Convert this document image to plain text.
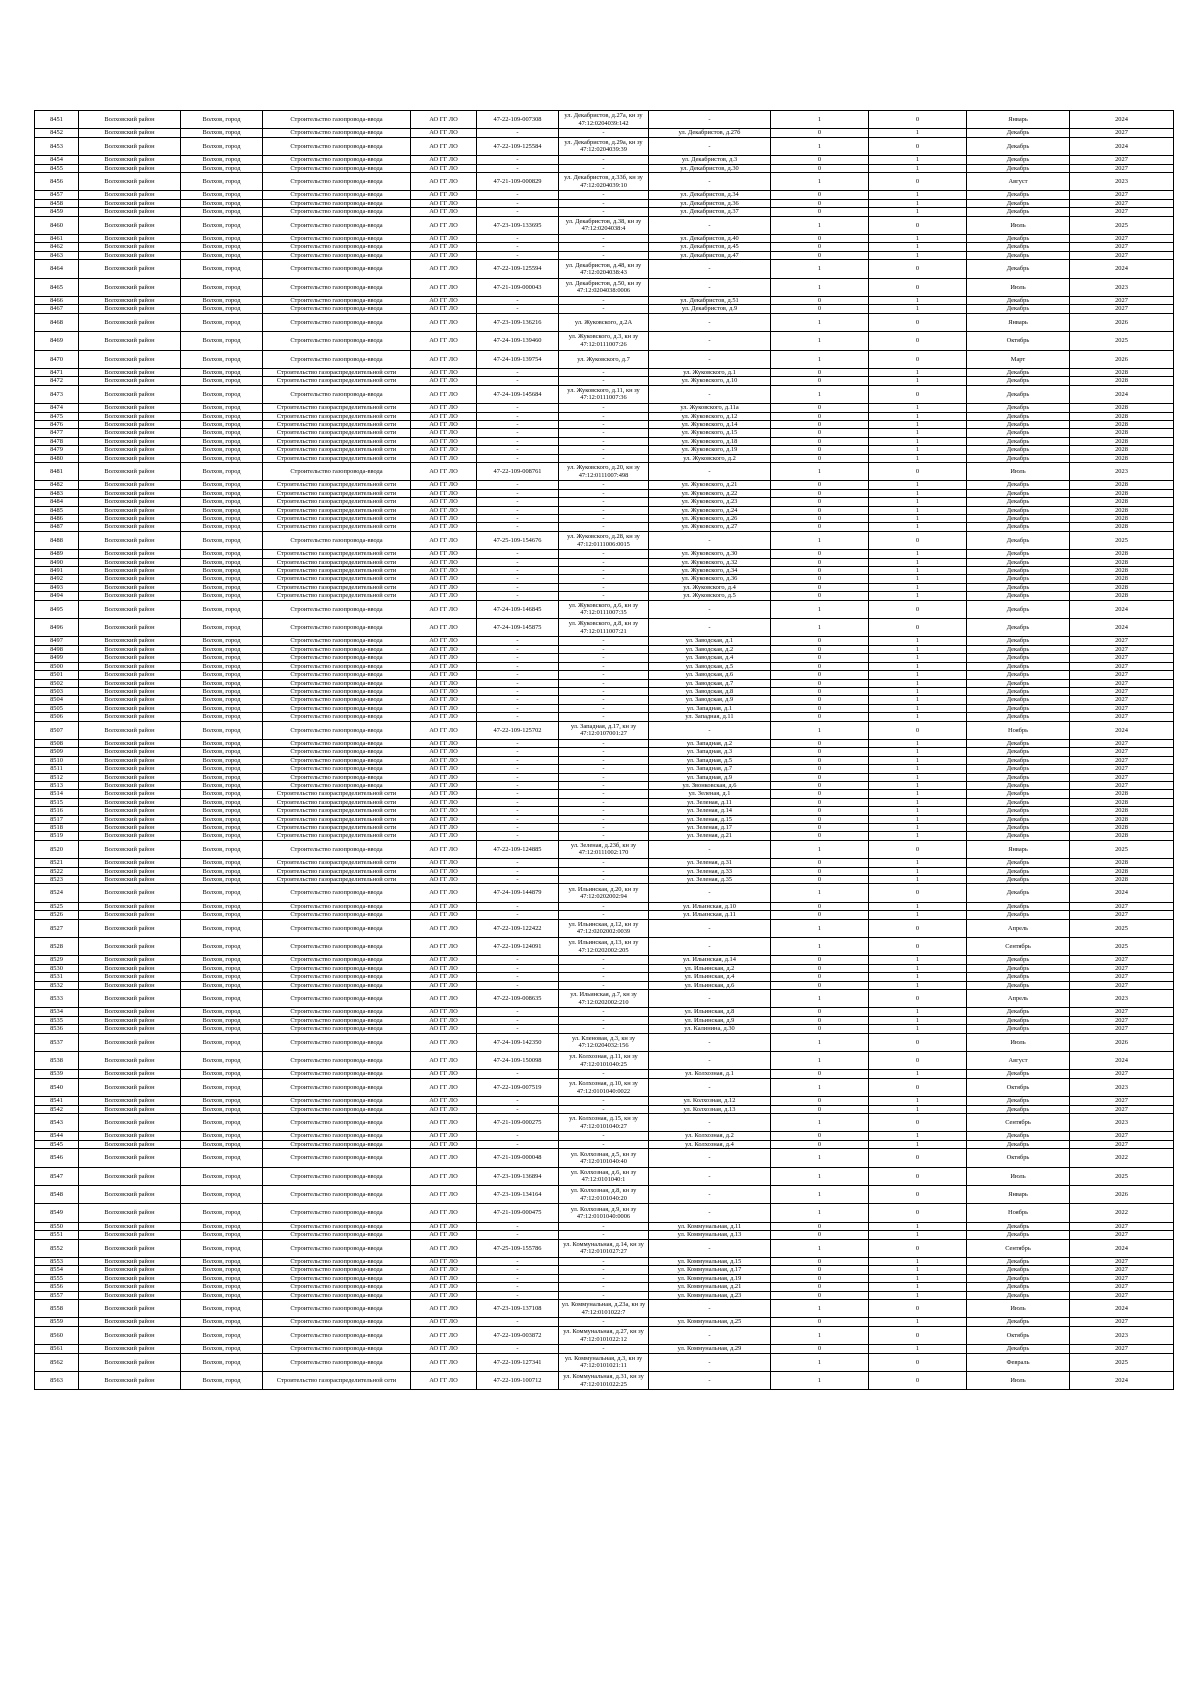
8451	Волховский район	Волхов, город	Строительство газопровода-ввода	АО ГГ ЛО	47-22-109-007308	ул. Декабристов, д.27а, кн зу 47:12:0204039:142	-	1	0	Январь	2024
8452	Волховский район	Волхов, город	Строительство газопровода-ввода	АО ГГ ЛО	-	-	ул. Декабристов, д.27б	0	1	Декабрь	2027
8453	Волховский район	Волхов, город	Строительство газопровода-ввода	АО ГГ ЛО	47-22-109-125584	ул. Декабристов, д.29а, кн зу 47:12:0204039:39	-	1	0	Декабрь	2024
8454	Волховский район	Волхов, город	Строительство газопровода-ввода	АО ГГ ЛО	-	-	ул. Декабристов, д.3	0	1	Декабрь	2027
8455	Волховский район	Волхов, город	Строительство газопровода-ввода	АО ГГ ЛО	-	-	ул. Декабристов, д.30	0	1	Декабрь	2027
8456	Волховский район	Волхов, город	Строительство газопровода-ввода	АО ГГ ЛО	47-21-109-000829	ул. Декабристов, д.33б, кн зу 47:12:0204039:10	-	1	0	Август	2023
8457	Волховский район	Волхов, город	Строительство газопровода-ввода	АО ГГ ЛО	-	-	ул. Декабристов, д.34	0	1	Декабрь	2027
8458	Волховский район	Волхов, город	Строительство газопровода-ввода	АО ГГ ЛО	-	-	ул. Декабристов, д.36	0	1	Декабрь	2027
8459	Волховский район	Волхов, город	Строительство газопровода-ввода	АО ГГ ЛО	-	-	ул. Декабристов, д.37	0	1	Декабрь	2027
8460	Волховский район	Волхов, город	Строительство газопровода-ввода	АО ГГ ЛО	47-23-109-133695	ул. Декабристов, д.38, кн зу 47:12:0204038:4	-	1	0	Июль	2025
8461	Волховский район	Волхов, город	Строительство газопровода-ввода	АО ГГ ЛО	-	-	ул. Декабристов, д.40	0	1	Декабрь	2027
8462	Волховский район	Волхов, город	Строительство газопровода-ввода	АО ГГ ЛО	-	-	ул. Декабристов, д.45	0	1	Декабрь	2027
8463	Волховский район	Волхов, город	Строительство газопровода-ввода	АО ГГ ЛО	-	-	ул. Декабристов, д.47	0	1	Декабрь	2027
8464	Волховский район	Волхов, город	Строительство газопровода-ввода	АО ГГ ЛО	47-22-109-125594	ул. Декабристов, д.48, кн зу 47:12:0204038:43	-	1	0	Декабрь	2024
8465	Волховский район	Волхов, город	Строительство газопровода-ввода	АО ГГ ЛО	47-21-109-000043	ул. Декабристов, д.50, кн зу 47:12:0204038:0006	-	1	0	Июль	2023
8466	Волховский район	Волхов, город	Строительство газопровода-ввода	АО ГГ ЛО	-	-	ул. Декабристов, д.51	0	1	Декабрь	2027
8467	Волховский район	Волхов, город	Строительство газопровода-ввода	АО ГГ ЛО	-	-	ул. Декабристов, д.9	0	1	Декабрь	2027
8468	Волховский район	Волхов, город	Строительство газопровода-ввода	АО ГГ ЛО	47-23-109-136216	ул. Жуковского, д.2А	-	1	0	Январь	2026
8469	Волховский район	Волхов, город	Строительство газопровода-ввода	АО ГГ ЛО	47-24-109-139460	ул. Жуковского, д.3, кн зу 47:12:0111007:26	-	1	0	Октябрь	2025
8470	Волховский район	Волхов, город	Строительство газопровода-ввода	АО ГГ ЛО	47-24-109-139754	ул. Жуковского, д.7	-	1	0	Март	2026
8471	Волховский район	Волхов, город	Строительство газораспределительной сети	АО ГГ ЛО	-	-	ул. Жуковского, д.1	0	1	Декабрь	2028
8472	Волховский район	Волхов, город	Строительство газораспределительной сети	АО ГГ ЛО	-	-	ул. Жуковского, д.10	0	1	Декабрь	2028
8473	Волховский район	Волхов, город	Строительство газопровода-ввода	АО ГГ ЛО	47-24-109-145684	ул. Жуковского, д.11, кн зу 47:12:0111007:36	-	1	0	Декабрь	2024
8474	Волховский район	Волхов, город	Строительство газораспределительной сети	АО ГГ ЛО	-	-	ул. Жуковского, д.11а	0	1	Декабрь	2028
8475	Волховский район	Волхов, город	Строительство газораспределительной сети	АО ГГ ЛО	-	-	ул. Жуковского, д.12	0	1	Декабрь	2028
8476	Волховский район	Волхов, город	Строительство газораспределительной сети	АО ГГ ЛО	-	-	ул. Жуковского, д.14	0	1	Декабрь	2028
8477	Волховский район	Волхов, город	Строительство газораспределительной сети	АО ГГ ЛО	-	-	ул. Жуковского, д.15	0	1	Декабрь	2028
8478	Волховский район	Волхов, город	Строительство газораспределительной сети	АО ГГ ЛО	-	-	ул. Жуковского, д.18	0	1	Декабрь	2028
8479	Волховский район	Волхов, город	Строительство газораспределительной сети	АО ГГ ЛО	-	-	ул. Жуковского, д.19	0	1	Декабрь	2028
8480	Волховский район	Волхов, город	Строительство газораспределительной сети	АО ГГ ЛО	-	-	ул. Жуковского, д.2	0	1	Декабрь	2028
8481	Волховский район	Волхов, город	Строительство газопровода-ввода	АО ГГ ЛО	47-22-109-008761	ул. Жуковского, д.20, кн зу 47:12:0111007:498	-	1	0	Июль	2023
8482	Волховский район	Волхов, город	Строительство газораспределительной сети	АО ГГ ЛО	-	-	ул. Жуковского, д.21	0	1	Декабрь	2028
8483	Волховский район	Волхов, город	Строительство газораспределительной сети	АО ГГ ЛО	-	-	ул. Жуковского, д.22	0	1	Декабрь	2028
8484	Волховский район	Волхов, город	Строительство газораспределительной сети	АО ГГ ЛО	-	-	ул. Жуковского, д.23	0	1	Декабрь	2028
8485	Волховский район	Волхов, город	Строительство газораспределительной сети	АО ГГ ЛО	-	-	ул. Жуковского, д.24	0	1	Декабрь	2028
8486	Волховский район	Волхов, город	Строительство газораспределительной сети	АО ГГ ЛО	-	-	ул. Жуковского, д.26	0	1	Декабрь	2028
8487	Волховский район	Волхов, город	Строительство газораспределительной сети	АО ГГ ЛО	-	-	ул. Жуковского, д.27	0	1	Декабрь	2028
8488	Волховский район	Волхов, город	Строительство газопровода-ввода	АО ГГ ЛО	47-25-109-154676	ул. Жуковского, д.28, кн зу 47:12:0111006:0015	-	1	0	Декабрь	2025
8489	Волховский район	Волхов, город	Строительство газораспределительной сети	АО ГГ ЛО	-	-	ул. Жуковского, д.30	0	1	Декабрь	2028
8490	Волховский район	Волхов, город	Строительство газораспределительной сети	АО ГГ ЛО	-	-	ул. Жуковского, д.32	0	1	Декабрь	2028
8491	Волховский район	Волхов, город	Строительство газораспределительной сети	АО ГГ ЛО	-	-	ул. Жуковского, д.34	0	1	Декабрь	2028
8492	Волховский район	Волхов, город	Строительство газораспределительной сети	АО ГГ ЛО	-	-	ул. Жуковского, д.36	0	1	Декабрь	2028
8493	Волховский район	Волхов, город	Строительство газораспределительной сети	АО ГГ ЛО	-	-	ул. Жуковского, д.4	0	1	Декабрь	2028
8494	Волховский район	Волхов, город	Строительство газораспределительной сети	АО ГГ ЛО	-	-	ул. Жуковского, д.5	0	1	Декабрь	2028
8495	Волховский район	Волхов, город	Строительство газопровода-ввода	АО ГГ ЛО	47-24-109-146845	ул. Жуковского, д.6, кн зу 47:12:0111007:35	-	1	0	Декабрь	2024
8496	Волховский район	Волхов, город	Строительство газопровода-ввода	АО ГГ ЛО	47-24-109-145875	ул. Жуковского, д.8, кн зу 47:12:0111007:21	-	1	0	Декабрь	2024
8497	Волховский район	Волхов, город	Строительство газопровода-ввода	АО ГГ ЛО	-	-	ул. Заводская, д.1	0	1	Декабрь	2027
8498	Волховский район	Волхов, город	Строительство газопровода-ввода	АО ГГ ЛО	-	-	ул. Заводская, д.2	0	1	Декабрь	2027
8499	Волховский район	Волхов, город	Строительство газопровода-ввода	АО ГГ ЛО	-	-	ул. Заводская, д.4	0	1	Декабрь	2027
8500	Волховский район	Волхов, город	Строительство газопровода-ввода	АО ГГ ЛО	-	-	ул. Заводская, д.5	0	1	Декабрь	2027
8501	Волховский район	Волхов, город	Строительство газопровода-ввода	АО ГГ ЛО	-	-	ул. Заводская, д.6	0	1	Декабрь	2027
8502	Волховский район	Волхов, город	Строительство газопровода-ввода	АО ГГ ЛО	-	-	ул. Заводская, д.7	0	1	Декабрь	2027
8503	Волховский район	Волхов, город	Строительство газопровода-ввода	АО ГГ ЛО	-	-	ул. Заводская, д.8	0	1	Декабрь	2027
8504	Волховский район	Волхов, город	Строительство газопровода-ввода	АО ГГ ЛО	-	-	ул. Заводская, д.9	0	1	Декабрь	2027
8505	Волховский район	Волхов, город	Строительство газопровода-ввода	АО ГГ ЛО	-	-	ул. Западная, д.1	0	1	Декабрь	2027
8506	Волховский район	Волхов, город	Строительство газопровода-ввода	АО ГГ ЛО	-	-	ул. Западная, д.11	0	1	Декабрь	2027
8507	Волховский район	Волхов, город	Строительство газопровода-ввода	АО ГГ ЛО	47-22-109-125702	ул. Западная, д.17, кн зу 47:12:0107001:27	-	1	0	Ноябрь	2024
8508	Волховский район	Волхов, город	Строительство газопровода-ввода	АО ГГ ЛО	-	-	ул. Западная, д.2	0	1	Декабрь	2027
8509	Волховский район	Волхов, город	Строительство газопровода-ввода	АО ГГ ЛО	-	-	ул. Западная, д.3	0	1	Декабрь	2027
8510	Волховский район	Волхов, город	Строительство газопровода-ввода	АО ГГ ЛО	-	-	ул. Западная, д.5	0	1	Декабрь	2027
8511	Волховский район	Волхов, город	Строительство газопровода-ввода	АО ГГ ЛО	-	-	ул. Западная, д.7	0	1	Декабрь	2027
8512	Волховский район	Волхов, город	Строительство газопровода-ввода	АО ГГ ЛО	-	-	ул. Западная, д.9	0	1	Декабрь	2027
8513	Волховский район	Волхов, город	Строительство газопровода-ввода	АО ГГ ЛО	-	-	ул. Звонковская, д.6	0	1	Декабрь	2027
8514	Волховский район	Волхов, город	Строительство газораспределительной сети	АО ГГ ЛО	-	-	ул. Зеленая, д.1	0	1	Декабрь	2028
8515	Волховский район	Волхов, город	Строительство газораспределительной сети	АО ГГ ЛО	-	-	ул. Зеленая, д.11	0	1	Декабрь	2028
8516	Волховский район	Волхов, город	Строительство газораспределительной сети	АО ГГ ЛО	-	-	ул. Зеленая, д.14	0	1	Декабрь	2028
8517	Волховский район	Волхов, город	Строительство газораспределительной сети	АО ГГ ЛО	-	-	ул. Зеленая, д.15	0	1	Декабрь	2028
8518	Волховский район	Волхов, город	Строительство газораспределительной сети	АО ГГ ЛО	-	-	ул. Зеленая, д.17	0	1	Декабрь	2028
8519	Волховский район	Волхов, город	Строительство газораспределительной сети	АО ГГ ЛО	-	-	ул. Зеленая, д.21	0	1	Декабрь	2028
8520	Волховский район	Волхов, город	Строительство газопровода-ввода	АО ГГ ЛО	47-22-109-124885	ул. Зеленая, д.23б, кн зу 47:12:0111002:170	-	1	0	Январь	2025
8521	Волховский район	Волхов, город	Строительство газораспределительной сети	АО ГГ ЛО	-	-	ул. Зеленая, д.31	0	1	Декабрь	2028
8522	Волховский район	Волхов, город	Строительство газораспределительной сети	АО ГГ ЛО	-	-	ул. Зеленая, д.33	0	1	Декабрь	2028
8523	Волховский район	Волхов, город	Строительство газораспределительной сети	АО ГГ ЛО	-	-	ул. Зеленая, д.35	0	1	Декабрь	2028
8524	Волховский район	Волхов, город	Строительство газопровода-ввода	АО ГГ ЛО	47-24-109-144879	ул. Ильинская, д.20, кн зу 47:12:0202002:94	-	1	0	Декабрь	2024
8525	Волховский район	Волхов, город	Строительство газопровода-ввода	АО ГГ ЛО	-	-	ул. Ильинская, д.10	0	1	Декабрь	2027
8526	Волховский район	Волхов, город	Строительство газопровода-ввода	АО ГГ ЛО	-	-	ул. Ильинская, д.11	0	1	Декабрь	2027
8527	Волховский район	Волхов, город	Строительство газопровода-ввода	АО ГГ ЛО	47-22-109-122422	ул. Ильинская, д.12, кн зу 47:12:0202002:0039	-	1	0	Апрель	2025
8528	Волховский район	Волхов, город	Строительство газопровода-ввода	АО ГГ ЛО	47-22-109-124091	ул. Ильинская, д.13, кн зу 47:12:0202002:205	-	1	0	Сентябрь	2025
8529	Волховский район	Волхов, город	Строительство газопровода-ввода	АО ГГ ЛО	-	-	ул. Ильинская, д.14	0	1	Декабрь	2027
8530	Волховский район	Волхов, город	Строительство газопровода-ввода	АО ГГ ЛО	-	-	ул. Ильинская, д.2	0	1	Декабрь	2027
8531	Волховский район	Волхов, город	Строительство газопровода-ввода	АО ГГ ЛО	-	-	ул. Ильинская, д.4	0	1	Декабрь	2027
8532	Волховский район	Волхов, город	Строительство газопровода-ввода	АО ГГ ЛО	-	-	ул. Ильинская, д.6	0	1	Декабрь	2027
8533	Волховский район	Волхов, город	Строительство газопровода-ввода	АО ГГ ЛО	47-22-109-008635	ул. Ильинская, д.7, кн зу 47:12:0202002:210	-	1	0	Апрель	2023
8534	Волховский район	Волхов, город	Строительство газопровода-ввода	АО ГГ ЛО	-	-	ул. Ильинская, д.8	0	1	Декабрь	2027
8535	Волховский район	Волхов, город	Строительство газопровода-ввода	АО ГГ ЛО	-	-	ул. Ильинская, д.9	0	1	Декабрь	2027
8536	Волховский район	Волхов, город	Строительство газопровода-ввода	АО ГГ ЛО	-	-	ул. Калинина, д.30	0	1	Декабрь	2027
8537	Волховский район	Волхов, город	Строительство газопровода-ввода	АО ГГ ЛО	47-24-109-142350	ул. Кленовая, д.3, кн зу 47:12:0204032:156	-	1	0	Июль	2026
8538	Волховский район	Волхов, город	Строительство газопровода-ввода	АО ГГ ЛО	47-24-109-150098	ул. Колхозная, д.11, кн зу 47:12:0101040:25	-	1	0	Август	2024
8539	Волховский район	Волхов, город	Строительство газопровода-ввода	АО ГГ ЛО	-	-	ул. Колхозная, д.1	0	1	Декабрь	2027
8540	Волховский район	Волхов, город	Строительство газопровода-ввода	АО ГГ ЛО	47-22-109-007519	ул. Колхозная, д.10, кн зу 47:12:0101040:0022	-	1	0	Октябрь	2023
8541	Волховский район	Волхов, город	Строительство газопровода-ввода	АО ГГ ЛО	-	-	ул. Колхозная, д.12	0	1	Декабрь	2027
8542	Волховский район	Волхов, город	Строительство газопровода-ввода	АО ГГ ЛО	-	-	ул. Колхозная, д.13	0	1	Декабрь	2027
8543	Волховский район	Волхов, город	Строительство газопровода-ввода	АО ГГ ЛО	47-21-109-000275	ул. Колхозная, д.15, кн зу 47:12:0101040:27	-	1	0	Сентябрь	2023
8544	Волховский район	Волхов, город	Строительство газопровода-ввода	АО ГГ ЛО	-	-	ул. Колхозная, д.2	0	1	Декабрь	2027
8545	Волховский район	Волхов, город	Строительство газопровода-ввода	АО ГГ ЛО	-	-	ул. Колхозная, д.4	0	1	Декабрь	2027
8546	Волховский район	Волхов, город	Строительство газопровода-ввода	АО ГГ ЛО	47-21-109-000048	ул. Колхозная, д.5, кн зу 47:12:0101040:40	-	1	0	Октябрь	2022
8547	Волховский район	Волхов, город	Строительство газопровода-ввода	АО ГГ ЛО	47-23-109-136894	ул. Колхозная, д.6, кн зу 47:12:0101040:1	-	1	0	Июль	2025
8548	Волховский район	Волхов, город	Строительство газопровода-ввода	АО ГГ ЛО	47-23-109-134164	ул. Колхозная, д.8, кн зу 47:12:0101040:20	-	1	0	Январь	2026
8549	Волховский район	Волхов, город	Строительство газопровода-ввода	АО ГГ ЛО	47-21-109-000475	ул. Колхозная, д.9, кн зу 47:12:0101040:0006	-	1	0	Ноябрь	2022
8550	Волховский район	Волхов, город	Строительство газопровода-ввода	АО ГГ ЛО	-	-	ул. Коммунальная, д.11	0	1	Декабрь	2027
8551	Волховский район	Волхов, город	Строительство газопровода-ввода	АО ГГ ЛО	-	-	ул. Коммунальная, д.13	0	1	Декабрь	2027
8552	Волховский район	Волхов, город	Строительство газопровода-ввода	АО ГГ ЛО	47-25-109-155786	ул. Коммунальная, д.14, кн зу 47:12:0101027:27	-	1	0	Сентябрь	2024
8553	Волховский район	Волхов, город	Строительство газопровода-ввода	АО ГГ ЛО	-	-	ул. Коммунальная, д.15	0	1	Декабрь	2027
8554	Волховский район	Волхов, город	Строительство газопровода-ввода	АО ГГ ЛО	-	-	ул. Коммунальная, д.17	0	1	Декабрь	2027
8555	Волховский район	Волхов, город	Строительство газопровода-ввода	АО ГГ ЛО	-	-	ул. Коммунальная, д.19	0	1	Декабрь	2027
8556	Волховский район	Волхов, город	Строительство газопровода-ввода	АО ГГ ЛО	-	-	ул. Коммунальная, д.21	0	1	Декабрь	2027
8557	Волховский район	Волхов, город	Строительство газопровода-ввода	АО ГГ ЛО	-	-	ул. Коммунальная, д.23	0	1	Декабрь	2027
8558	Волховский район	Волхов, город	Строительство газопровода-ввода	АО ГГ ЛО	47-23-109-137108	ул. Коммунальная, д.23а, кн зу 47:12:0101022:7	-	1	0	Июль	2024
8559	Волховский район	Волхов, город	Строительство газопровода-ввода	АО ГГ ЛО	-	-	ул. Коммунальная, д.25	0	1	Декабрь	2027
8560	Волховский район	Волхов, город	Строительство газопровода-ввода	АО ГГ ЛО	47-22-109-003872	ул. Коммунальная, д.27, кн зу 47:12:0101022:12	-	1	0	Октябрь	2023
8561	Волховский район	Волхов, город	Строительство газопровода-ввода	АО ГГ ЛО	-	-	ул. Коммунальная, д.29	0	1	Декабрь	2027
8562	Волховский район	Волхов, город	Строительство газопровода-ввода	АО ГГ ЛО	47-22-109-127341	ул. Коммунальная, д.3, кн зу 47:12:0101021:11	-	1	0	Февраль	2025
8563	Волховский район	Волхов, город	Строительство газораспределительной сети	АО ГГ ЛО	47-22-109-100712	ул. Коммунальная, д.31, кн зу 47:12:0101022:25	-	1	0	Июль	2024
